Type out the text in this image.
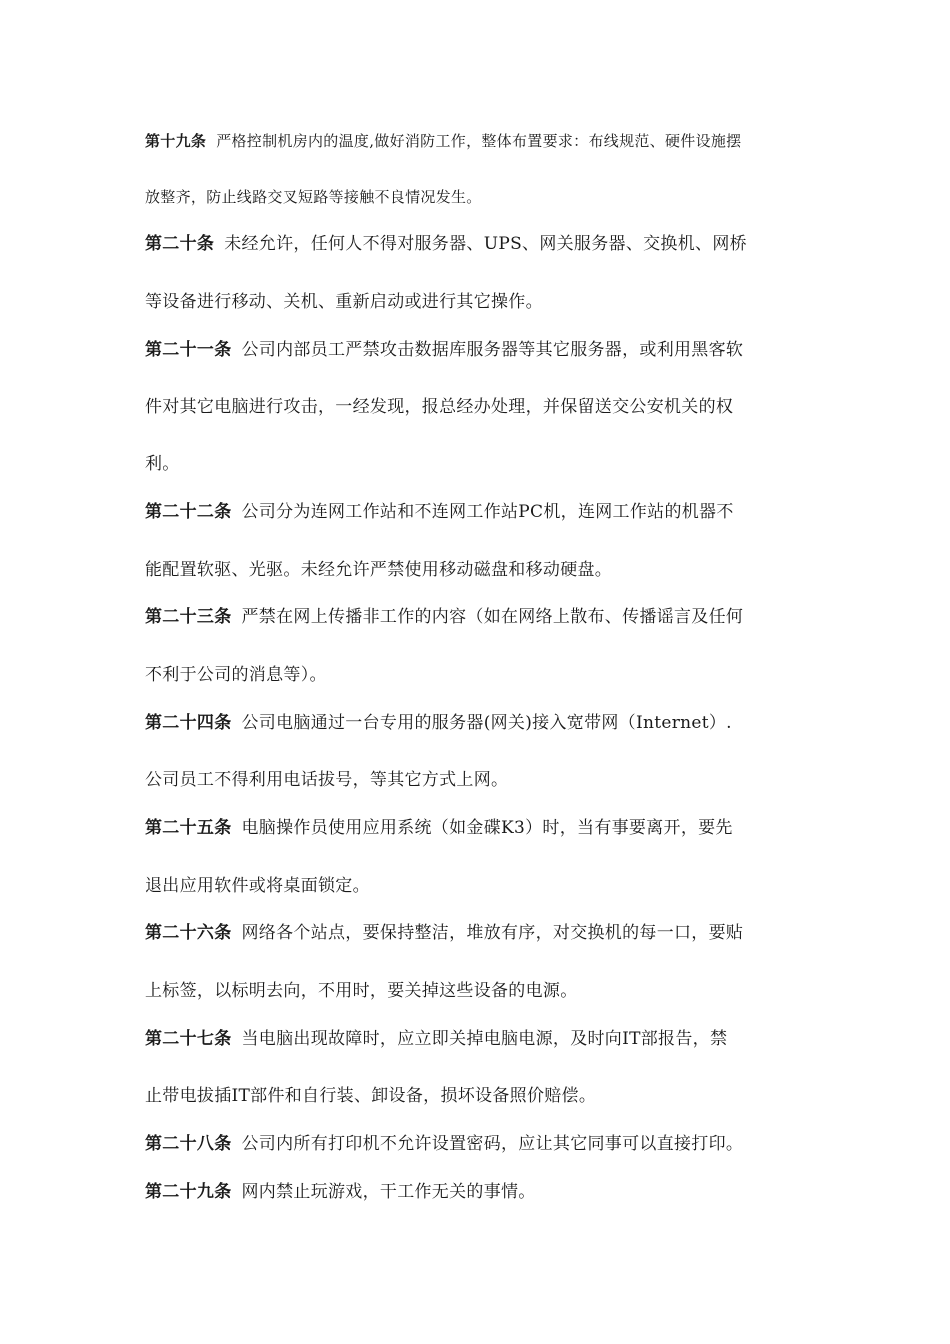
第十九条 严格控制机房内的温度,做好消防工作，整体布置要求：布线规范、硬件设施摆
放整齐，防止线路交叉短路等接触不良情况发生。
第二十条 未经允许，任何人不得对服务器、UPS、网关服务器、交换机、网桥
等设备进行移动、关机、重新启动或进行其它操作。
第二十一条 公司内部员工严禁攻击数据库服务器等其它服务器，或利用黑客软
件对其它电脑进行攻击，一经发现，报总经办处理，并保留送交公安机关的权
利。
第二十二条 公司分为连网工作站和不连网工作站PC机，连网工作站的机器不
能配置软驱、光驱。未经允许严禁使用移动磁盘和移动硬盘。
第二十三条 严禁在网上传播非工作的内容（如在网络上散布、传播谣言及任何
不利于公司的消息等）。
第二十四条 公司电脑通过一台专用的服务器(网关)接入宽带网（Internet）.
公司员工不得利用电话拔号，等其它方式上网。
第二十五条 电脑操作员使用应用系统（如金碟K3）时，当有事要离开，要先
退出应用软件或将桌面锁定。
第二十六条 网络各个站点，要保持整洁，堆放有序，对交换机的每一口，要贴
上标签，以标明去向，不用时，要关掉这些设备的电源。
第二十七条 当电脑出现故障时，应立即关掉电脑电源，及时向IT部报告，禁
止带电拔插IT部件和自行装、卸设备，损坏设备照价赔偿。
第二十八条 公司内所有打印机不允许设置密码，应让其它同事可以直接打印。
第二十九条 网内禁止玩游戏，干工作无关的事情。
